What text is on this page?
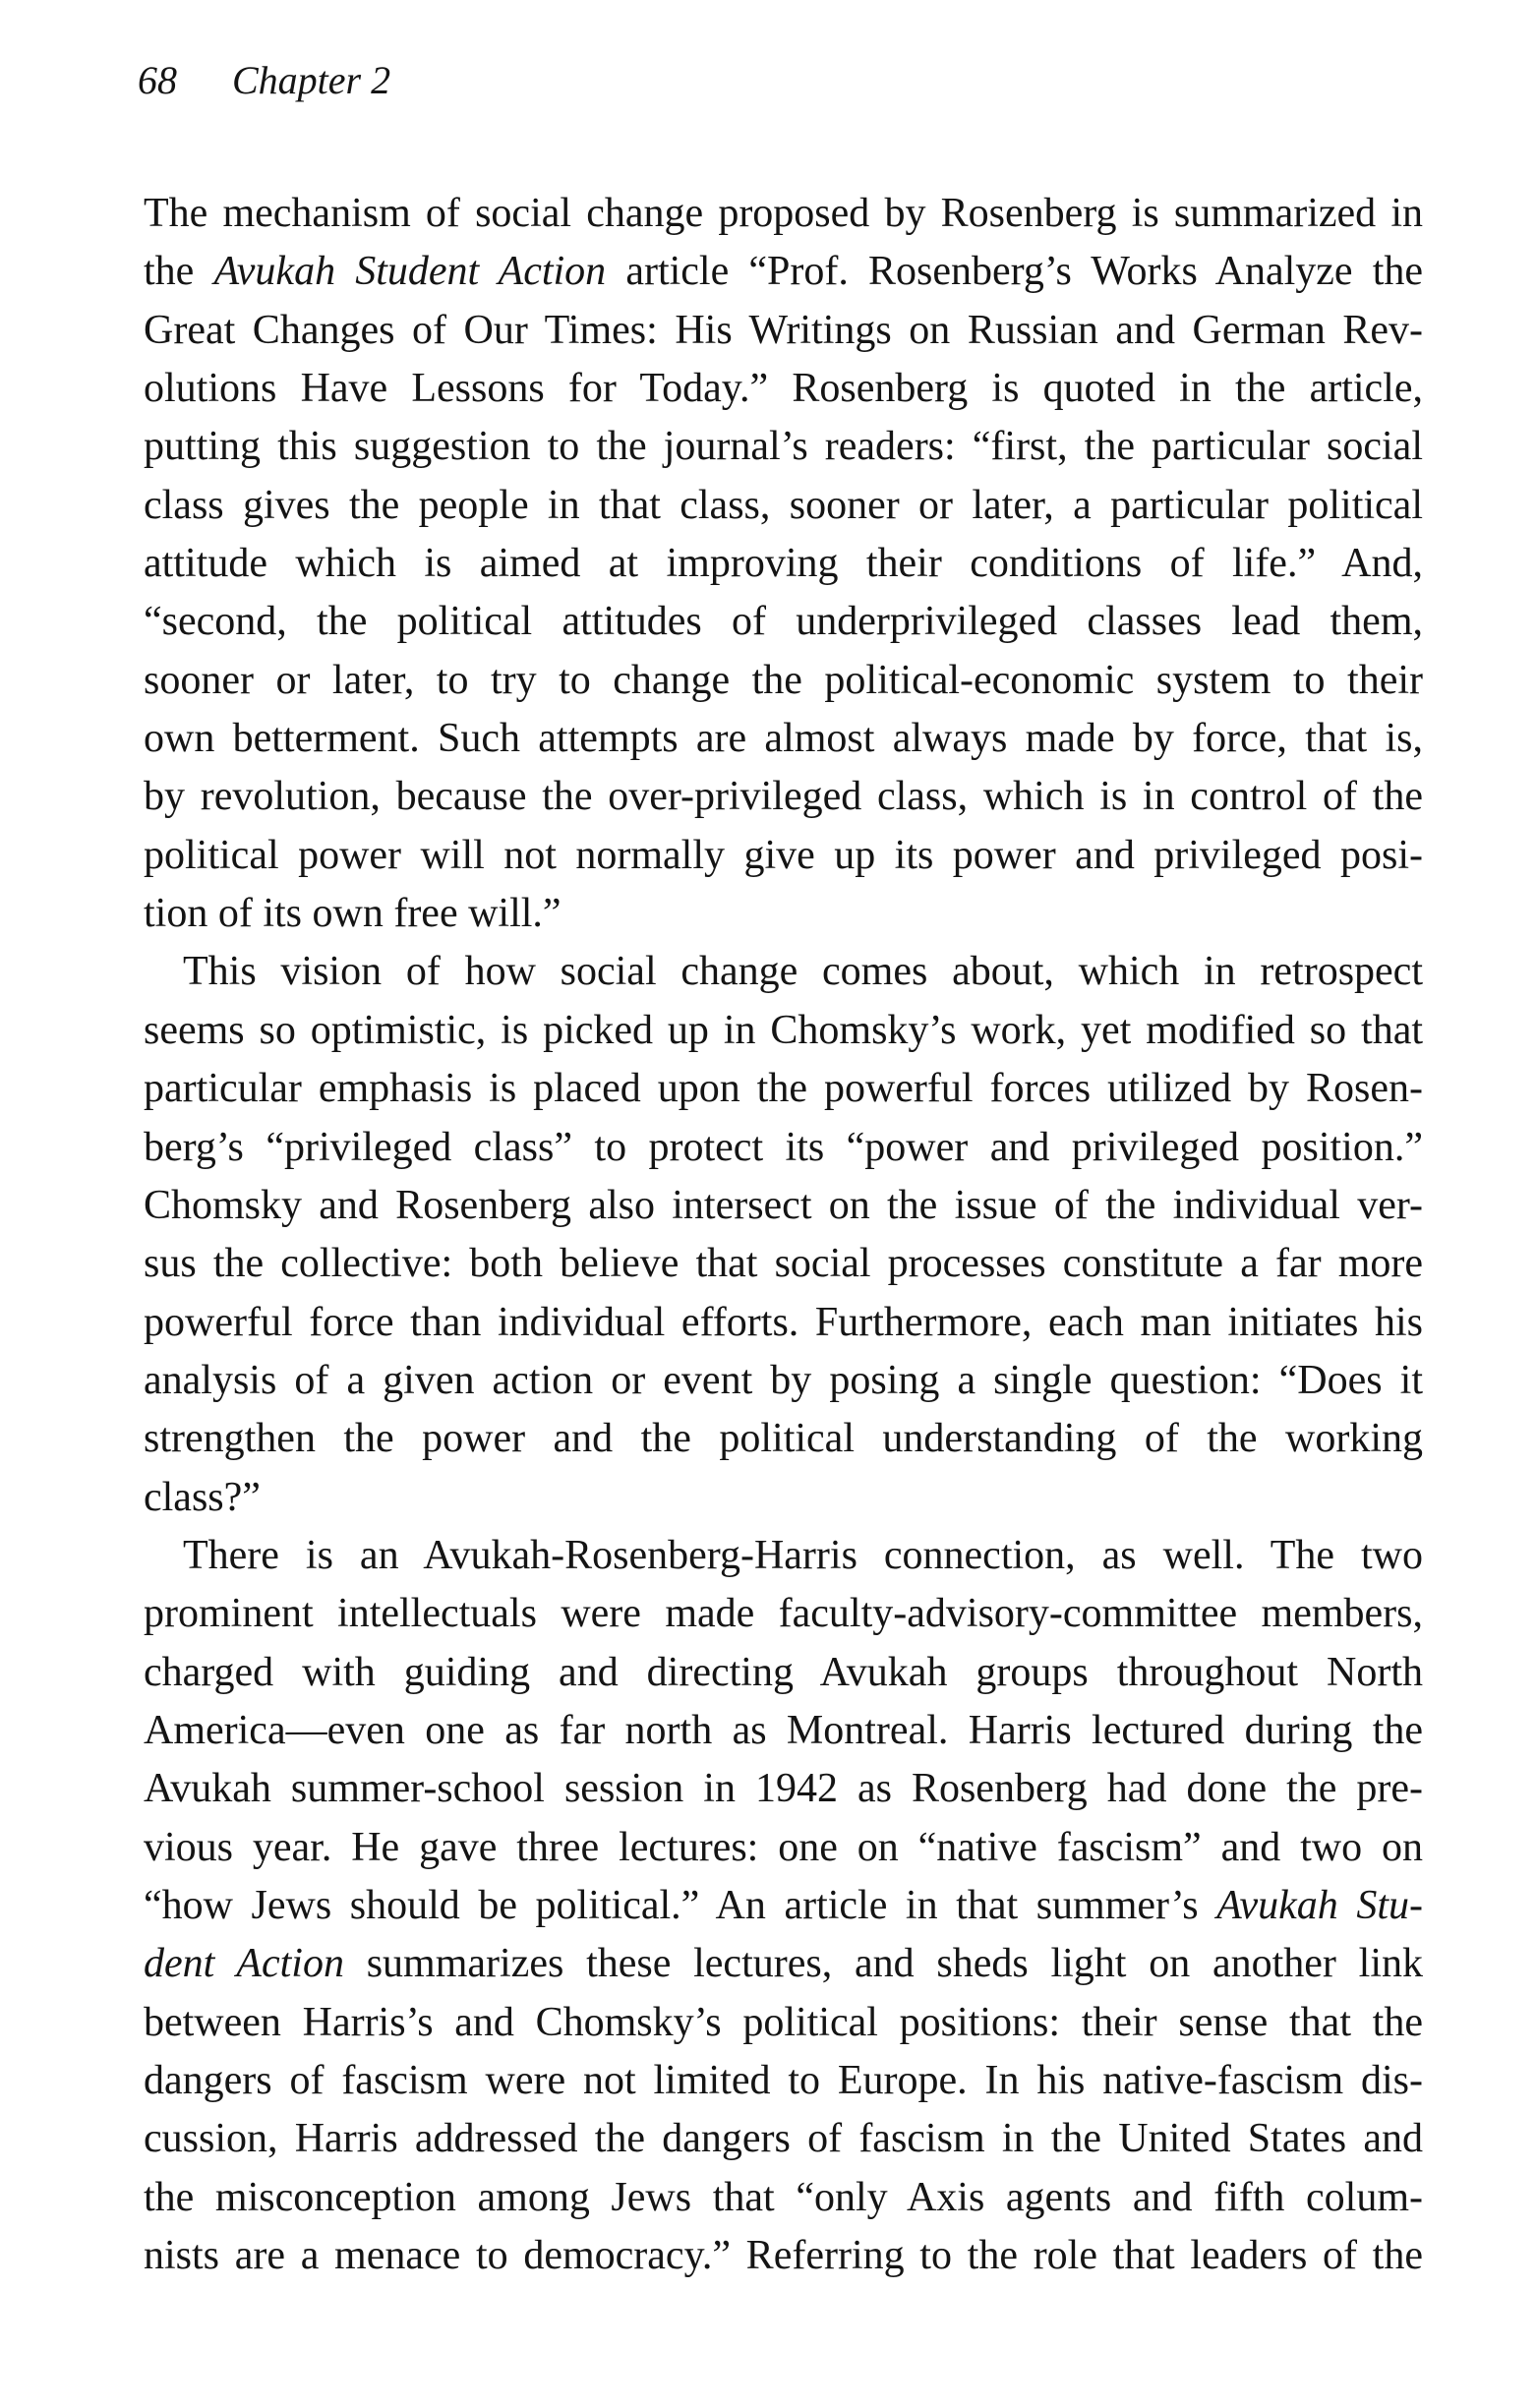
68 Chapter 2
The mechanism of social change proposed by Rosenberg is summarized in
the Avukah Student Action article “Prof. Rosenberg’s Works Analyze the
Great Changes of Our Times: His Writings on Russian and German Rev-
olutions Have Lessons for Today.” Rosenberg is quoted in the article,
putting this suggestion to the journal’s readers: “first, the particular social
class gives the people in that class, sooner or later, a particular political
attitude which is aimed at improving their conditions of life.” And,
“second, the political attitudes of underprivileged classes lead them,
sooner or later, to try to change the political-economic system to their
own betterment. Such attempts are almost always made by force, that is,
by revolution, because the over-privileged class, which is in control of the
political power will not normally give up its power and privileged posi-
tion of its own free will.”
This vision of how social change comes about, which in retrospect
seems so optimistic, is picked up in Chomsky’s work, yet modified so that
particular emphasis is placed upon the powerful forces utilized by Rosen-
berg’s “privileged class” to protect its “power and privileged position.”
Chomsky and Rosenberg also intersect on the issue of the individual ver-
sus the collective: both believe that social processes constitute a far more
powerful force than individual efforts. Furthermore, each man initiates his
analysis of a given action or event by posing a single question: “Does it
strengthen the power and the political understanding of the working
class?”
There is an Avukah-Rosenberg-Harris connection, as well. The two
prominent intellectuals were made faculty-advisory-committee members,
charged with guiding and directing Avukah groups throughout North
America—even one as far north as Montreal. Harris lectured during the
Avukah summer-school session in 1942 as Rosenberg had done the pre-
vious year. He gave three lectures: one on “native fascism” and two on
“how Jews should be political.” An article in that summer’s Avukah Stu-
dent Action summarizes these lectures, and sheds light on another link
between Harris’s and Chomsky’s political positions: their sense that the
dangers of fascism were not limited to Europe. In his native-fascism dis-
cussion, Harris addressed the dangers of fascism in the United States and
the misconception among Jews that “only Axis agents and fifth colum-
nists are a menace to democracy.” Referring to the role that leaders of the
